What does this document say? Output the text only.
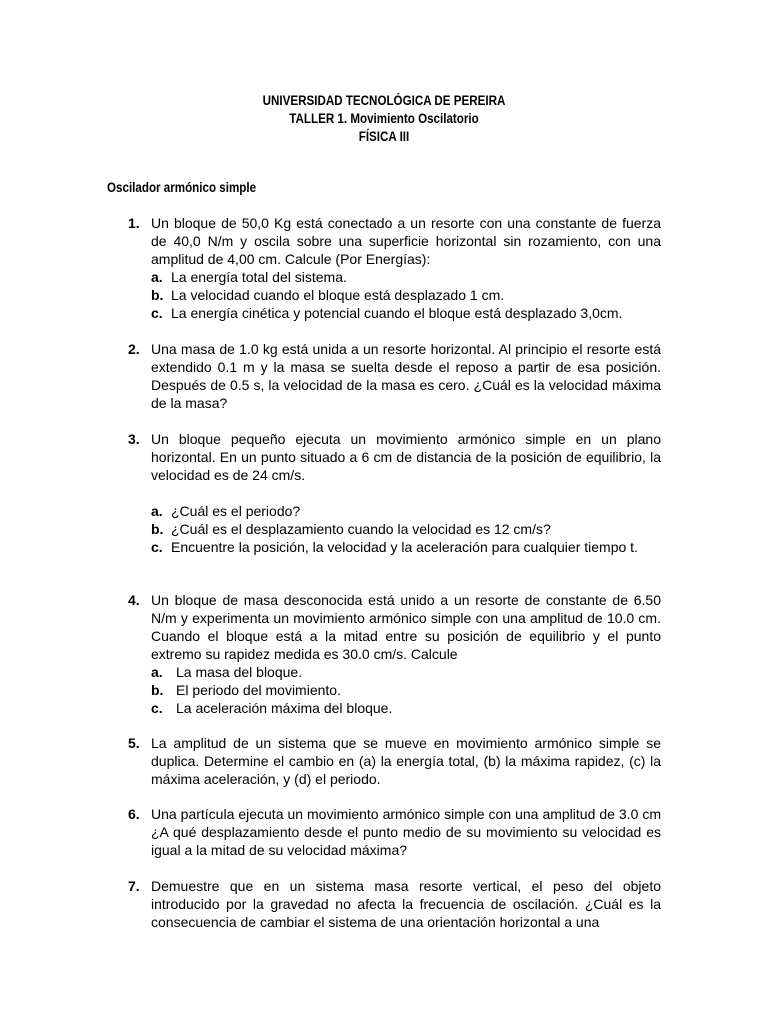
UNIVERSIDAD TECNOLÓGICA DE PEREIRA
TALLER 1. Movimiento Oscilatorio
FÍSICA III
Oscilador armónico simple
1. Un bloque de 50,0 Kg está conectado a un resorte con una constante de fuerza de 40,0 N/m y oscila sobre una superficie horizontal sin rozamiento, con una amplitud de 4,00 cm. Calcule (Por Energías):
a. La energía total del sistema.
b. La velocidad cuando el bloque está desplazado 1 cm.
c. La energía cinética y potencial cuando el bloque está desplazado 3,0cm.
2. Una masa de 1.0 kg está unida a un resorte horizontal. Al principio el resorte está extendido 0.1 m y la masa se suelta desde el reposo a partir de esa posición. Después de 0.5 s, la velocidad de la masa es cero. ¿Cuál es la velocidad máxima de la masa?
3. Un bloque pequeño ejecuta un movimiento armónico simple en un plano horizontal. En un punto situado a 6 cm de distancia de la posición de equilibrio, la velocidad es de 24 cm/s.
a. ¿Cuál es el periodo?
b. ¿Cuál es el desplazamiento cuando la velocidad es 12 cm/s?
c. Encuentre la posición, la velocidad y la aceleración para cualquier tiempo t.
4. Un bloque de masa desconocida está unido a un resorte de constante de 6.50 N/m y experimenta un movimiento armónico simple con una amplitud de 10.0 cm. Cuando el bloque está a la mitad entre su posición de equilibrio y el punto extremo su rapidez medida es 30.0 cm/s. Calcule
a. La masa del bloque.
b. El periodo del movimiento.
c. La aceleración máxima del bloque.
5. La amplitud de un sistema que se mueve en movimiento armónico simple se duplica. Determine el cambio en (a) la energía total, (b) la máxima rapidez, (c) la máxima aceleración, y (d) el periodo.
6. Una partícula ejecuta un movimiento armónico simple con una amplitud de 3.0 cm ¿A qué desplazamiento desde el punto medio de su movimiento su velocidad es igual a la mitad de su velocidad máxima?
7. Demuestre que en un sistema masa resorte vertical, el peso del objeto introducido por la gravedad no afecta la frecuencia de oscilación. ¿Cuál es la consecuencia de cambiar el sistema de una orientación horizontal a una
